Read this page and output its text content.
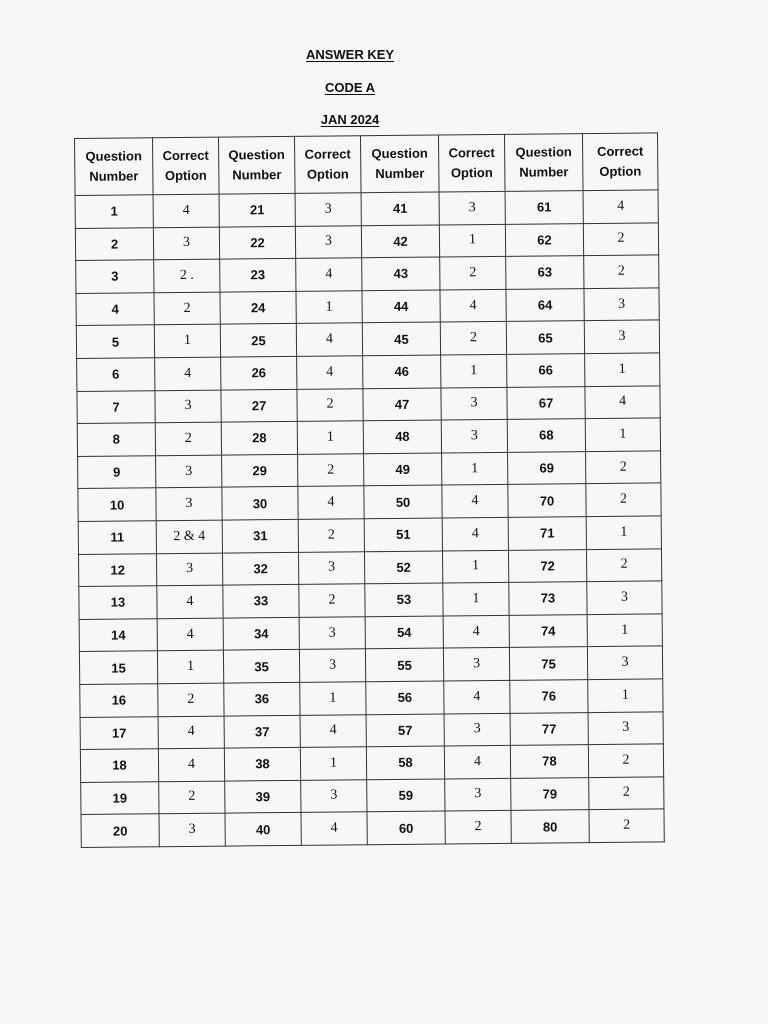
ANSWER KEY
CODE A
JAN 2024
Question Number	Correct Option	Question Number	Correct Option	Question Number	Correct Option	Question Number	Correct Option
1	4	21	3	41	3	61	4
2	3	22	3	42	1	62	2
3	2 .	23	4	43	2	63	2
4	2	24	1	44	4	64	3
5	1	25	4	45	2	65	3
6	4	26	4	46	1	66	1
7	3	27	2	47	3	67	4
8	2	28	1	48	3	68	1
9	3	29	2	49	1	69	2
10	3	30	4	50	4	70	2
11	2 & 4	31	2	51	4	71	1
12	3	32	3	52	1	72	2
13	4	33	2	53	1	73	3
14	4	34	3	54	4	74	1
15	1	35	3	55	3	75	3
16	2	36	1	56	4	76	1
17	4	37	4	57	3	77	3
18	4	38	1	58	4	78	2
19	2	39	3	59	3	79	2
20	3	40	4	60	2	80	2
